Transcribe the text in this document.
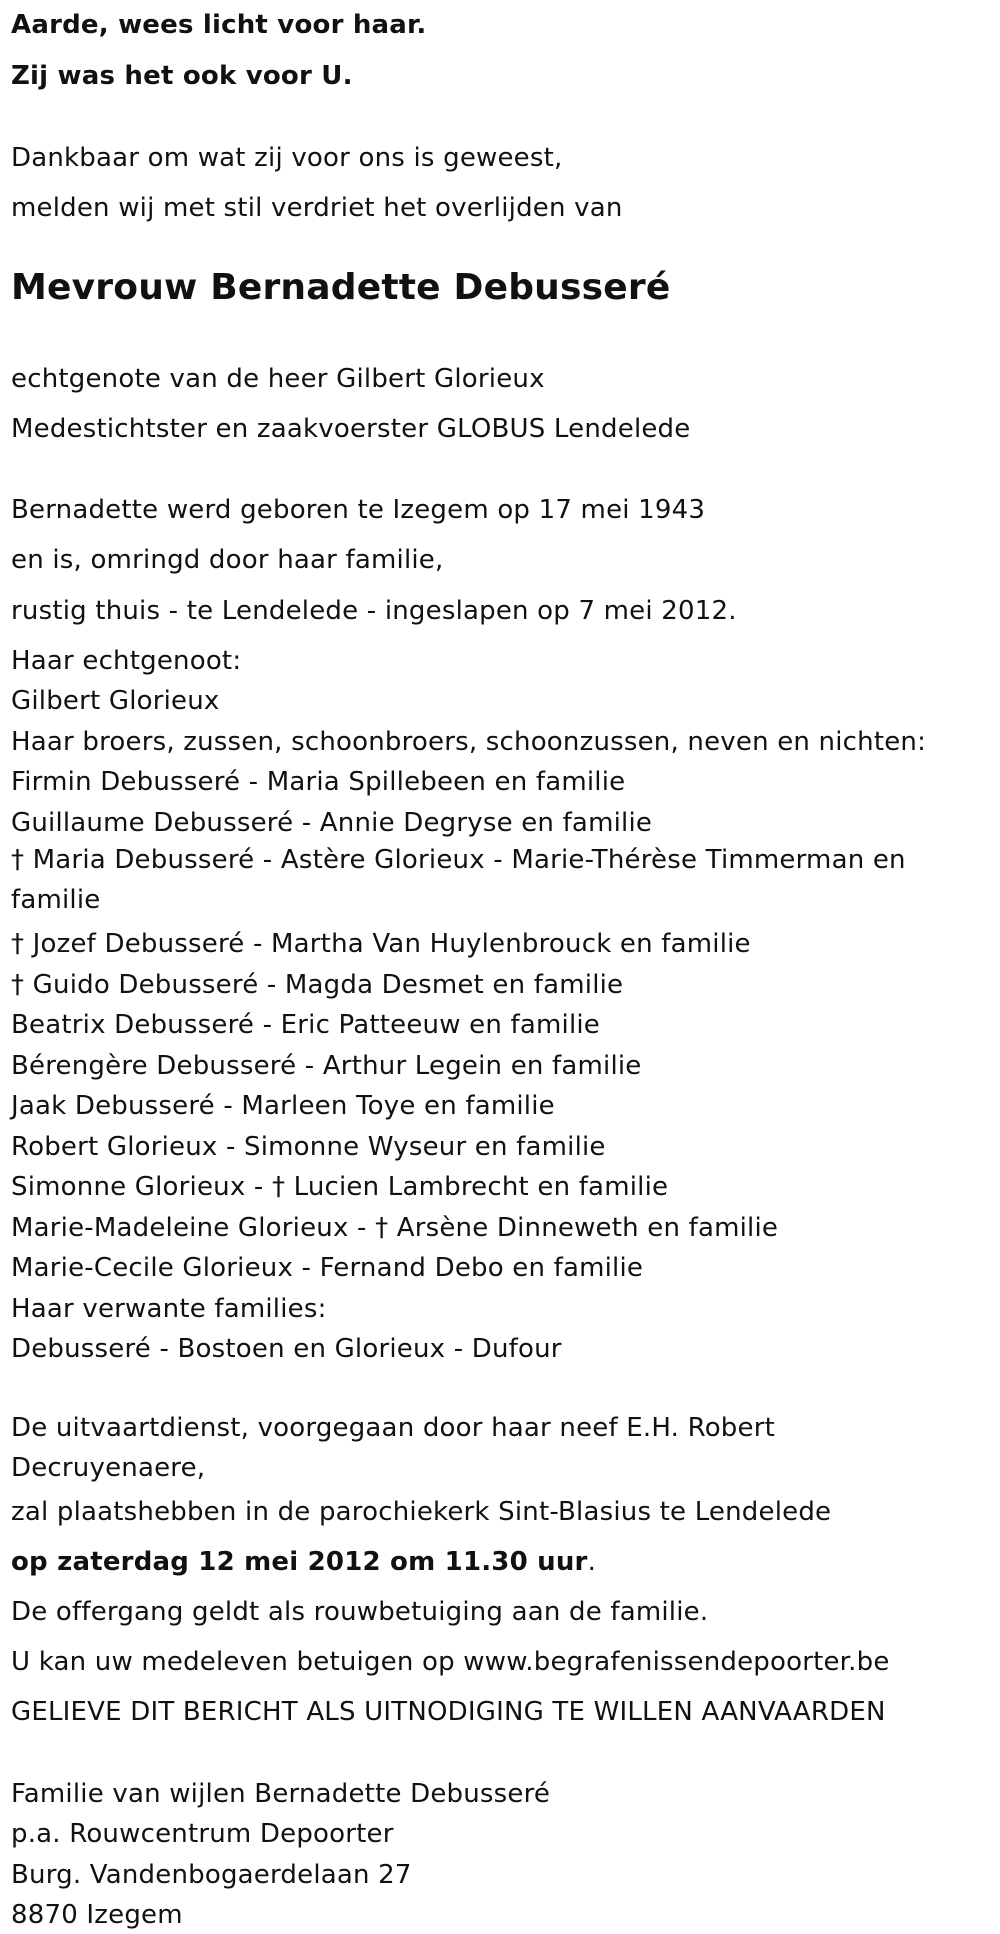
Aarde, wees licht voor haar.
Zij was het ook voor U.
Dankbaar om wat zij voor ons is geweest,
melden wij met stil verdriet het overlijden van
Mevrouw Bernadette Debusseré
echtgenote van de heer Gilbert Glorieux
Medestichtster en zaakvoerster GLOBUS Lendelede
Bernadette werd geboren te Izegem op 17 mei 1943
en is, omringd door haar familie,
rustig thuis - te Lendelede - ingeslapen op 7 mei 2012.
Haar echtgenoot:
Gilbert Glorieux
Haar broers, zussen, schoonbroers, schoonzussen, neven en nichten:
Firmin Debusseré - Maria Spillebeen en familie
Guillaume Debusseré - Annie Degryse en familie
† Maria Debusseré - Astère Glorieux - Marie-Thérèse Timmerman en familie
† Jozef Debusseré - Martha Van Huylenbrouck en familie
† Guido Debusseré - Magda Desmet en familie
Beatrix Debusseré - Eric Patteeuw en familie
Bérengère Debusseré - Arthur Legein en familie
Jaak Debusseré - Marleen Toye en familie
Robert Glorieux - Simonne Wyseur en familie
Simonne Glorieux - † Lucien Lambrecht en familie
Marie-Madeleine Glorieux - † Arsène Dinneweth en familie
Marie-Cecile Glorieux - Fernand Debo en familie
Haar verwante families:
Debusseré - Bostoen en Glorieux - Dufour
De uitvaartdienst, voorgegaan door haar neef E.H. Robert Decruyenaere,
zal plaatshebben in de parochiekerk Sint-Blasius te Lendelede
op zaterdag 12 mei 2012 om 11.30 uur.
De offergang geldt als rouwbetuiging aan de familie.
U kan uw medeleven betuigen op www.begrafenissendepoorter.be
GELIEVE DIT BERICHT ALS UITNODIGING TE WILLEN AANVAARDEN
Familie van wijlen Bernadette Debusseré
p.a. Rouwcentrum Depoorter
Burg. Vandenbogaerdelaan 27
8870 Izegem
